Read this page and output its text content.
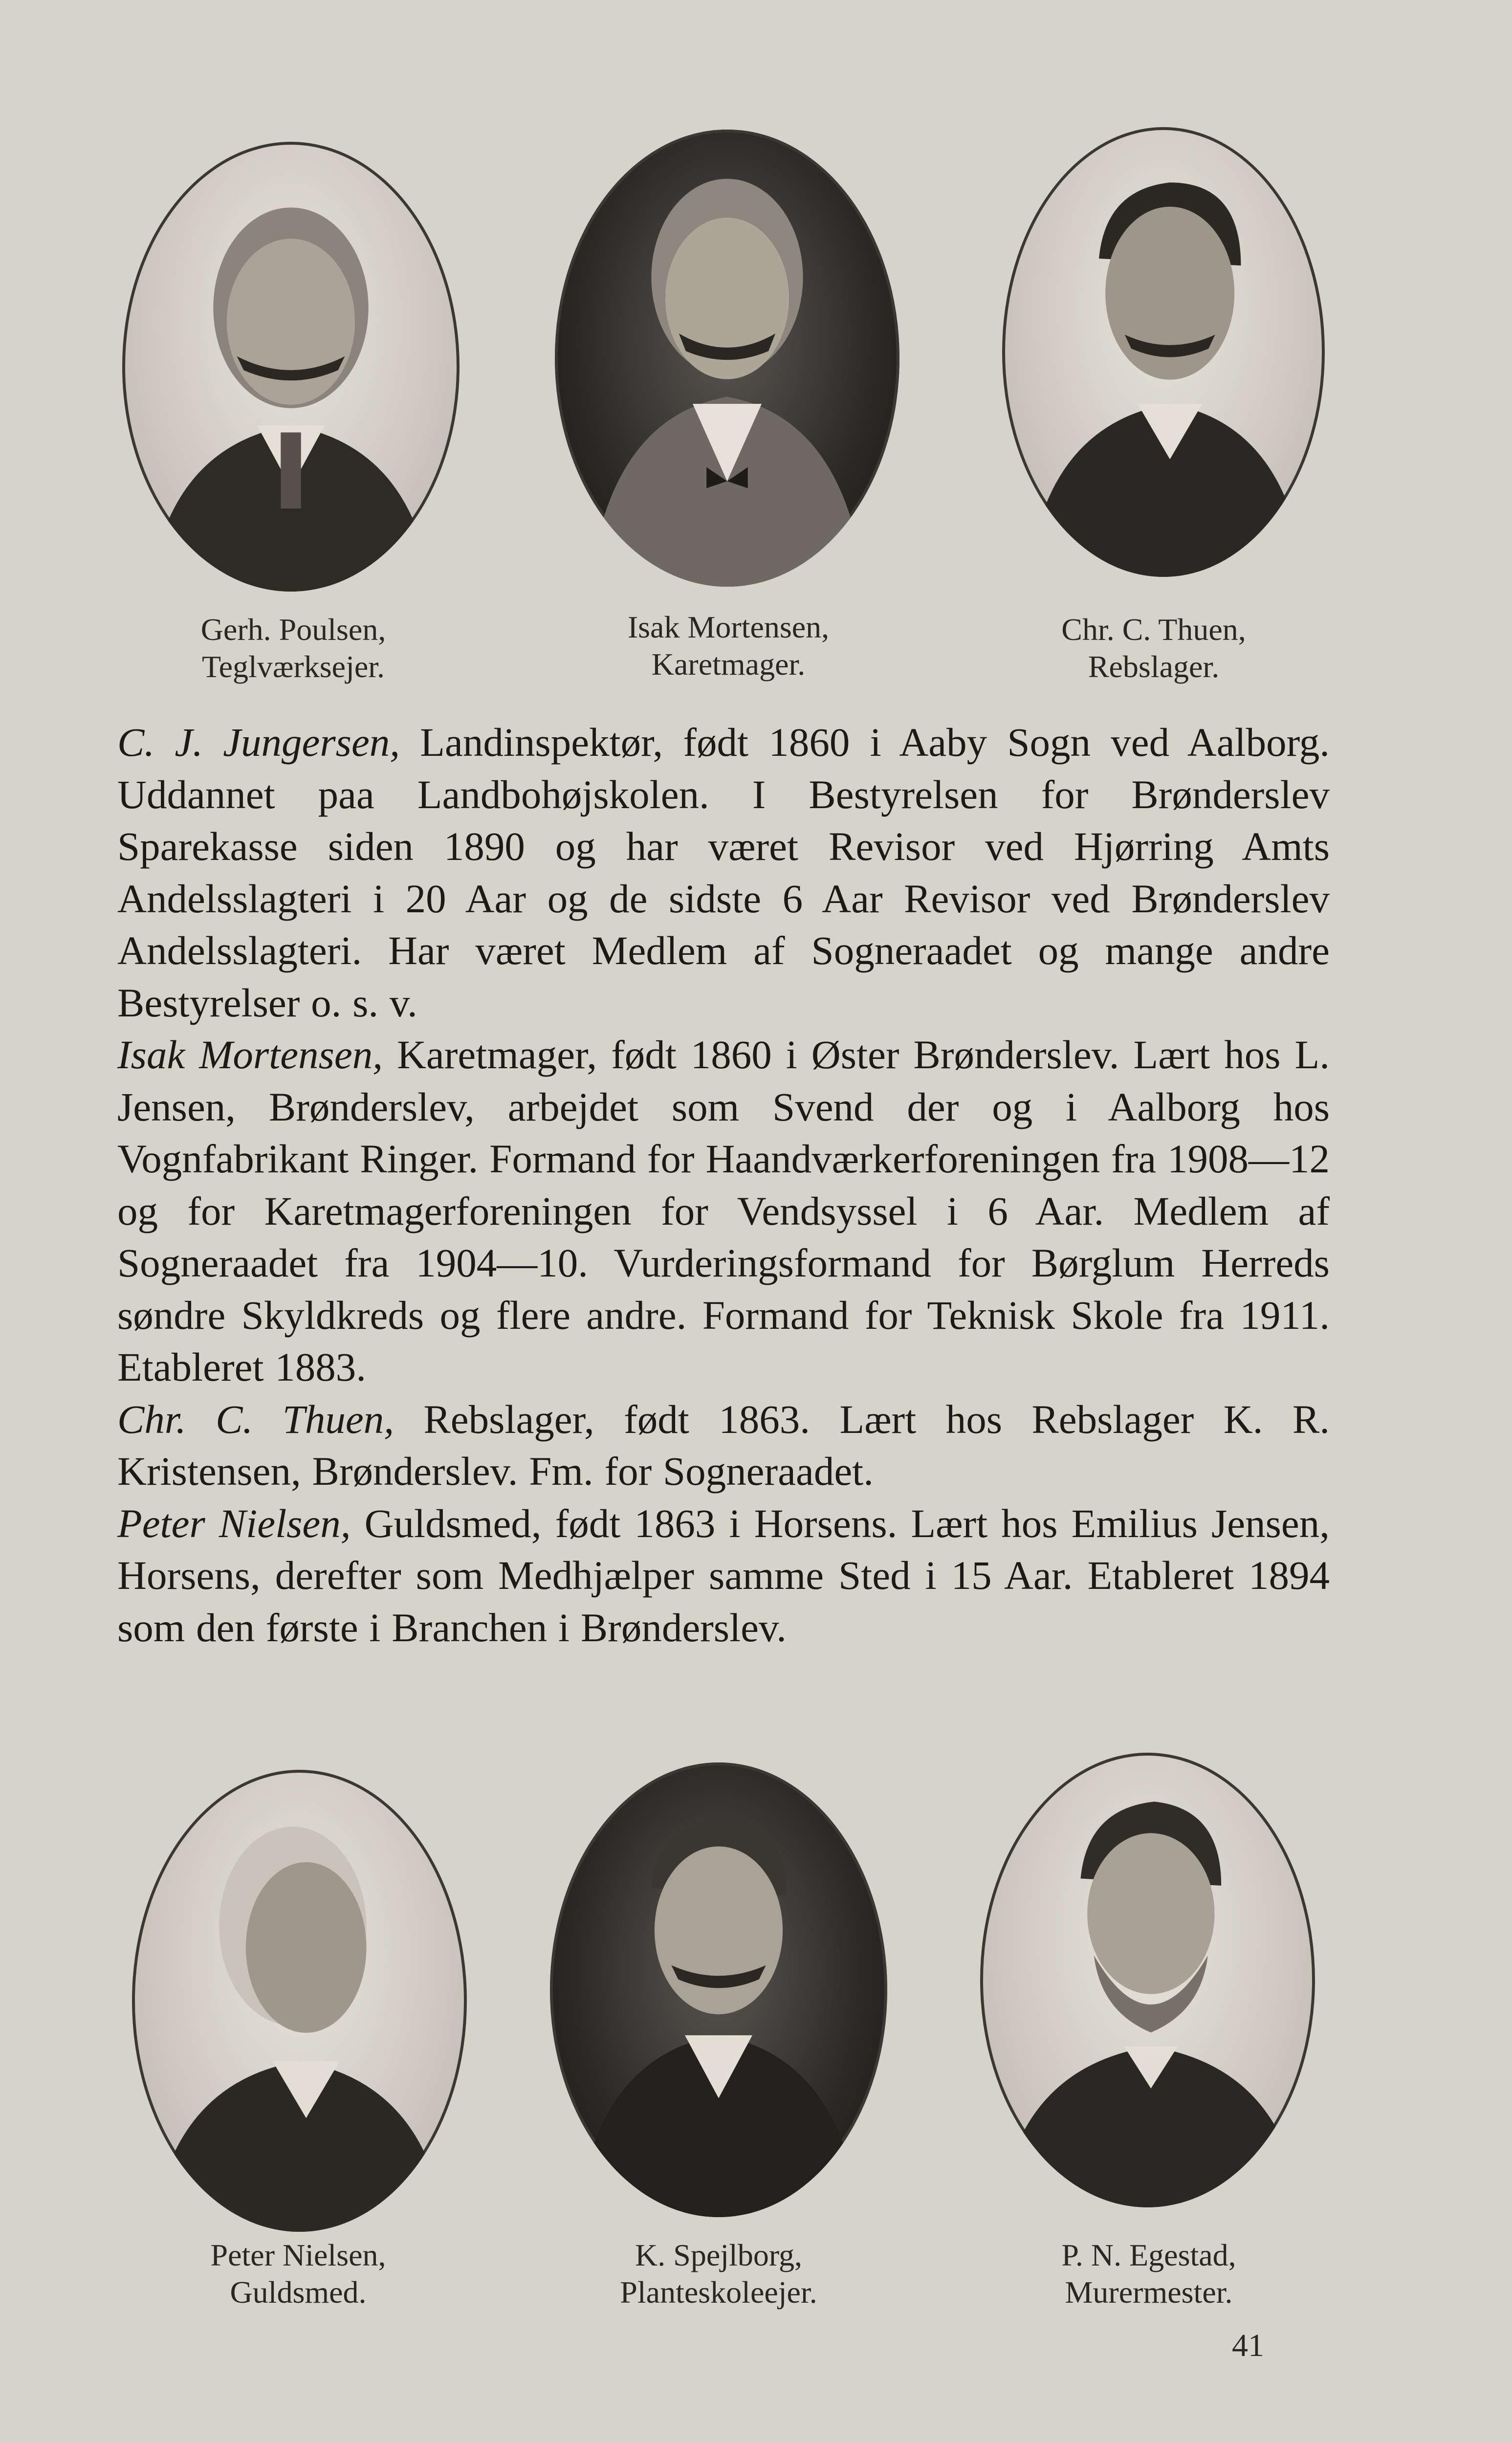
Gerh. Poulsen,
Teglværksejer.
Isak Mortensen,
Karetmager.
Chr. C. Thuen,
Rebslager.

C. J. Jungersen, Landinspektør, født 1860 i Aaby Sogn ved Aalborg. Uddannet paa Landbohøjskolen. I Bestyrelsen for Brønderslev Sparekasse siden 1890 og har været Revisor ved Hjørring Amts Andelsslagteri i 20 Aar og de sidste 6 Aar Revisor ved Brønderslev Andelsslagteri. Har været Medlem af Sogneraadet og mange andre Bestyrelser o. s. v.

Isak Mortensen, Karetmager, født 1860 i Øster Brønderslev. Lært hos L. Jensen, Brønderslev, arbejdet som Svend der og i Aalborg hos Vognfabrikant Ringer. Formand for Haandværkerforeningen fra 1908—12 og for Karetmagerforeningen for Vendsyssel i 6 Aar. Medlem af Sogneraadet fra 1904—10. Vurderingsformand for Børglum Herreds søndre Skyldkreds og flere andre. Formand for Teknisk Skole fra 1911. Etableret 1883.

Chr. C. Thuen, Rebslager, født 1863. Lært hos Rebslager K. R. Kristensen, Brønderslev. Fm. for Sogneraadet.

Peter Nielsen, Guldsmed, født 1863 i Horsens. Lært hos Emilius Jensen, Horsens, derefter som Medhjælper samme Sted i 15 Aar. Etableret 1894 som den første i Branchen i Brønderslev.

Peter Nielsen,
Guldsmed.
K. Spejlborg,
Planteskoleejer.
P. N. Egestad,
Murermester.
41
